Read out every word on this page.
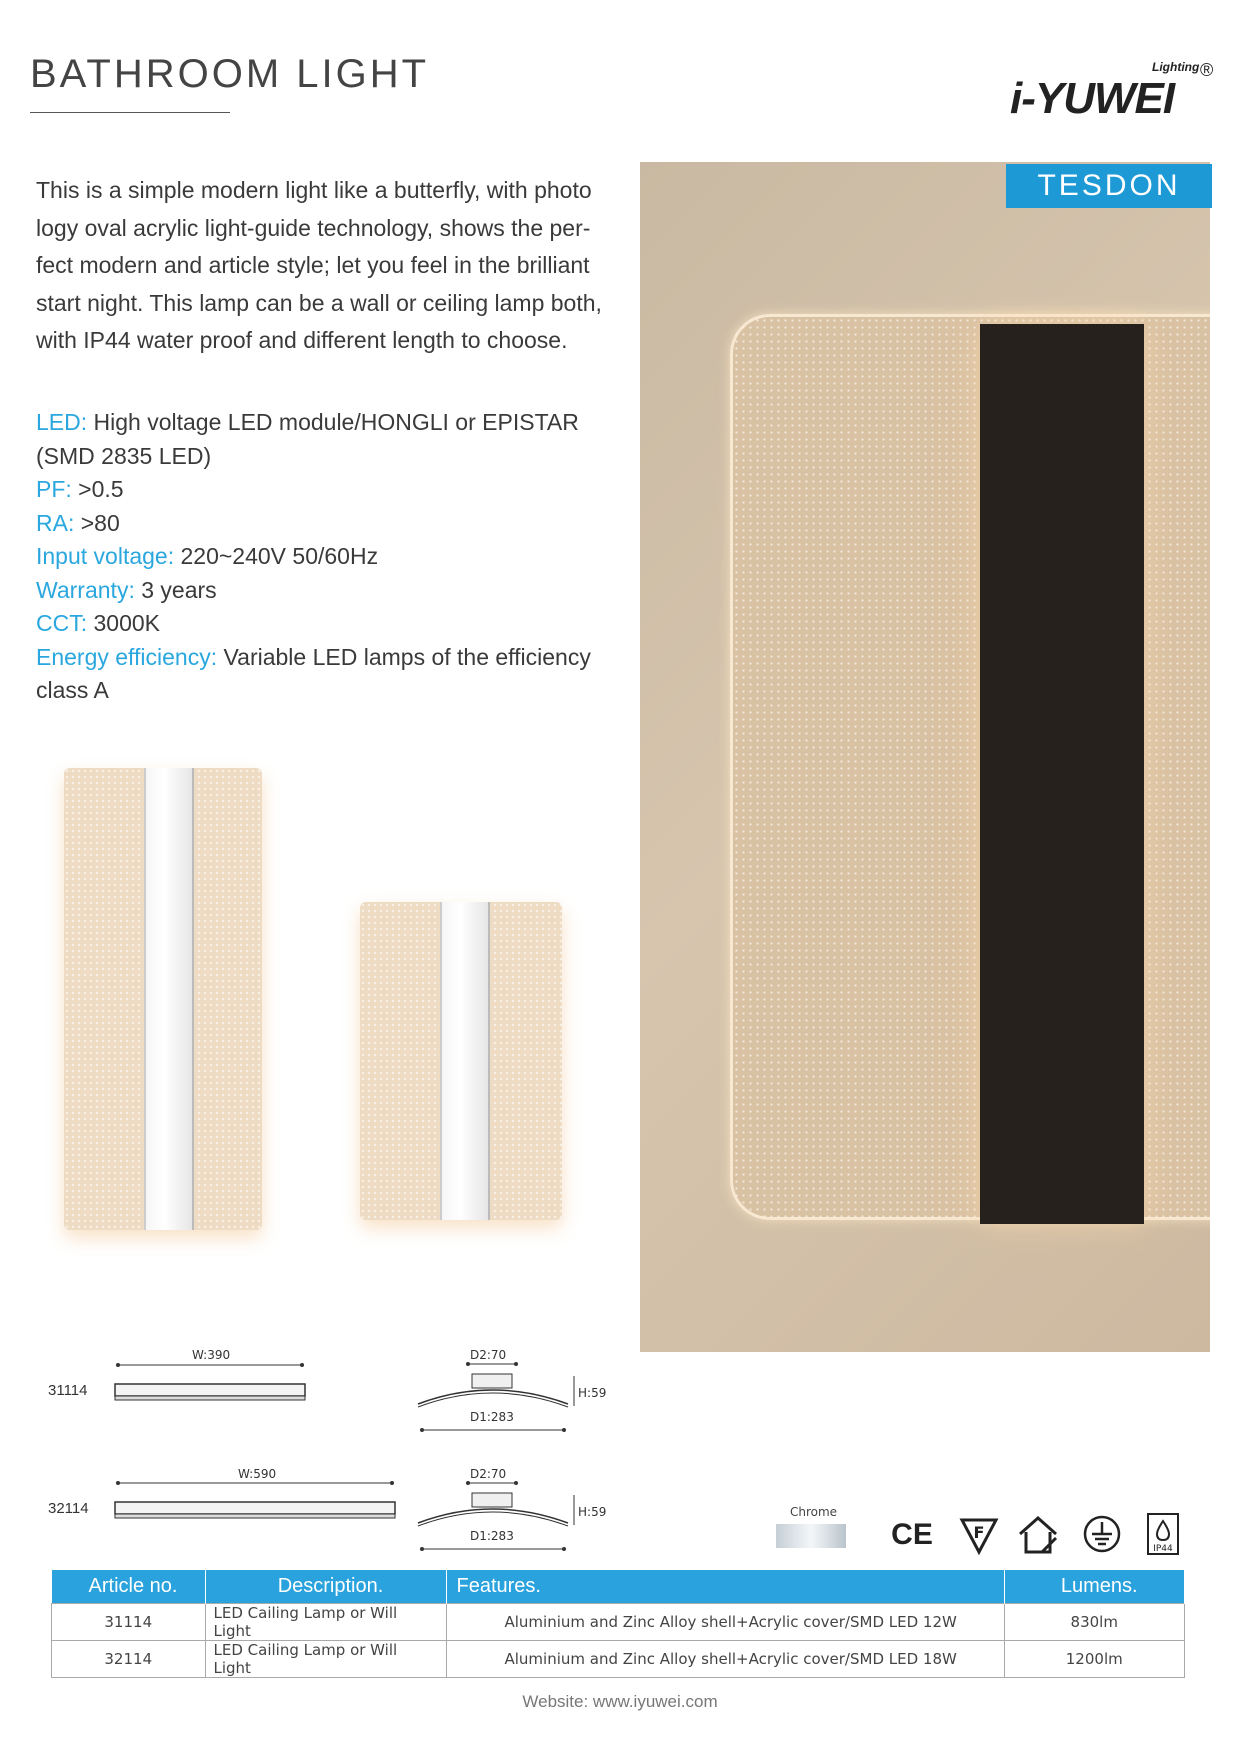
BATHROOM LIGHT	Lighting ®
i-YUWEI

This is a simple modern light like a butterfly, with photo logy oval acrylic light-guide technology, shows the per- fect modern and article style; let you feel in the brilliant start night. This lamp can be a wall or ceiling lamp both, with IP44 water proof and different length to choose.

LED: High voltage LED module/HONGLI or EPISTAR (SMD 2835 LED)
PF: >0.5
RA: >80
Input voltage: 220~240V 50/60Hz
Warranty: 3 years
CCT: 3000K
Energy efficiency: Variable LED lamps of the efficiency class A
TESDON
31114
W:390	D2:70
H:59
D1:283
32114
W:590	D2:70
H:59
D1:283
Chrome
CE	F
IP44
Article no.	Description.	Features.	Lumens.
31114	LED Cailing Lamp or Will Light	Aluminium and Zinc Alloy shell+Acrylic cover/SMD LED 12W	830lm
32114	LED Cailing Lamp or Will Light	Aluminium and Zinc Alloy shell+Acrylic cover/SMD LED 18W	1200lm
Website: www.iyuwei.com
